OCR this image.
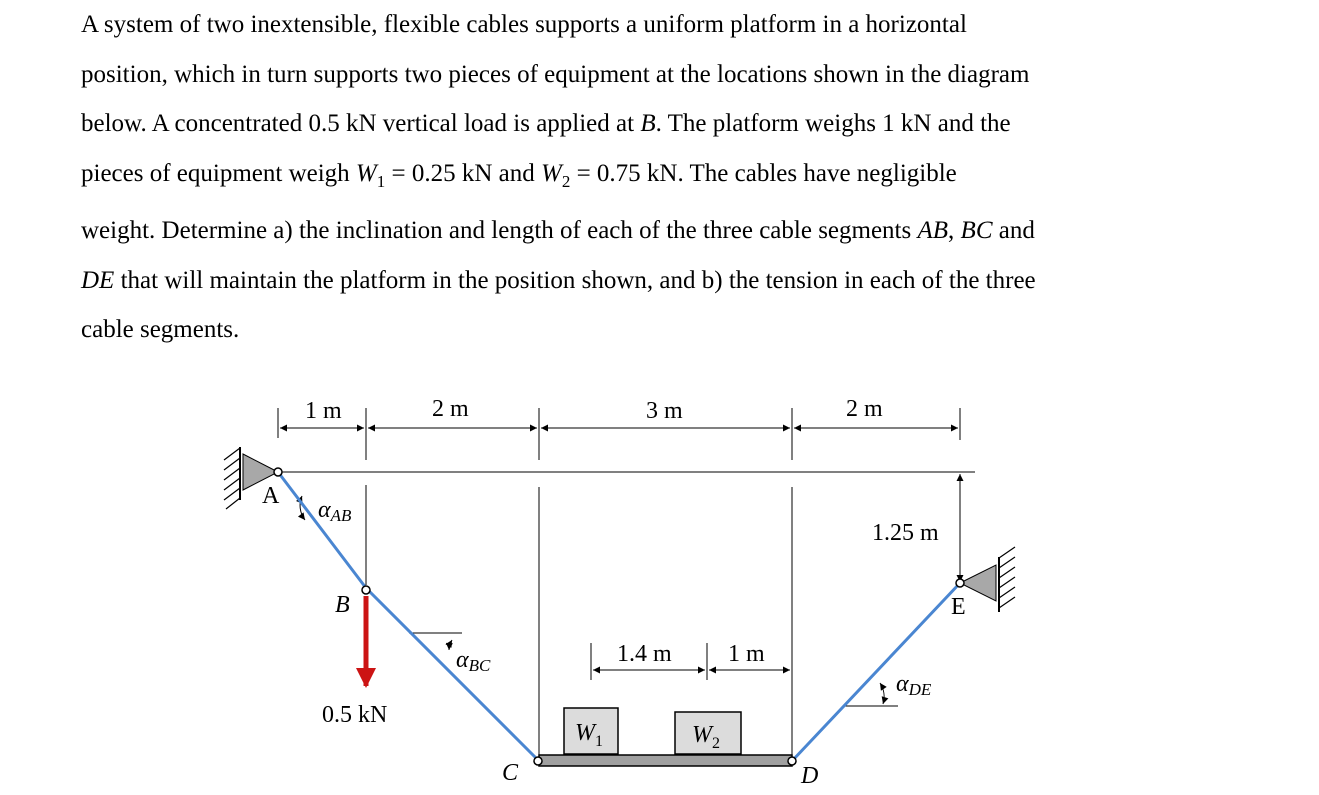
A system of two inextensible, flexible cables supports a uniform platform in a horizontal

position, which in turn supports two pieces of equipment at the locations shown in the diagram

below. A concentrated 0.5 kN vertical load is applied at B. The platform weighs 1 kN and the

pieces of equipment weigh $W_1 = 0.25$ kN and $W_2 = 0.75$ kN. The cables have negligible

weight. Determine a) the inclination and length of each of the three cable segments AB, BC and

DE that will maintain the platform in the position shown, and b) the tension in each of the three

cable segments.

$W_1$	$W_2$
1 m	2 m	3 m	2 m
1.25 m
1.4 m 1 m
0.5 kN
A
B
C	D
E
αAB
αBC
αDE
